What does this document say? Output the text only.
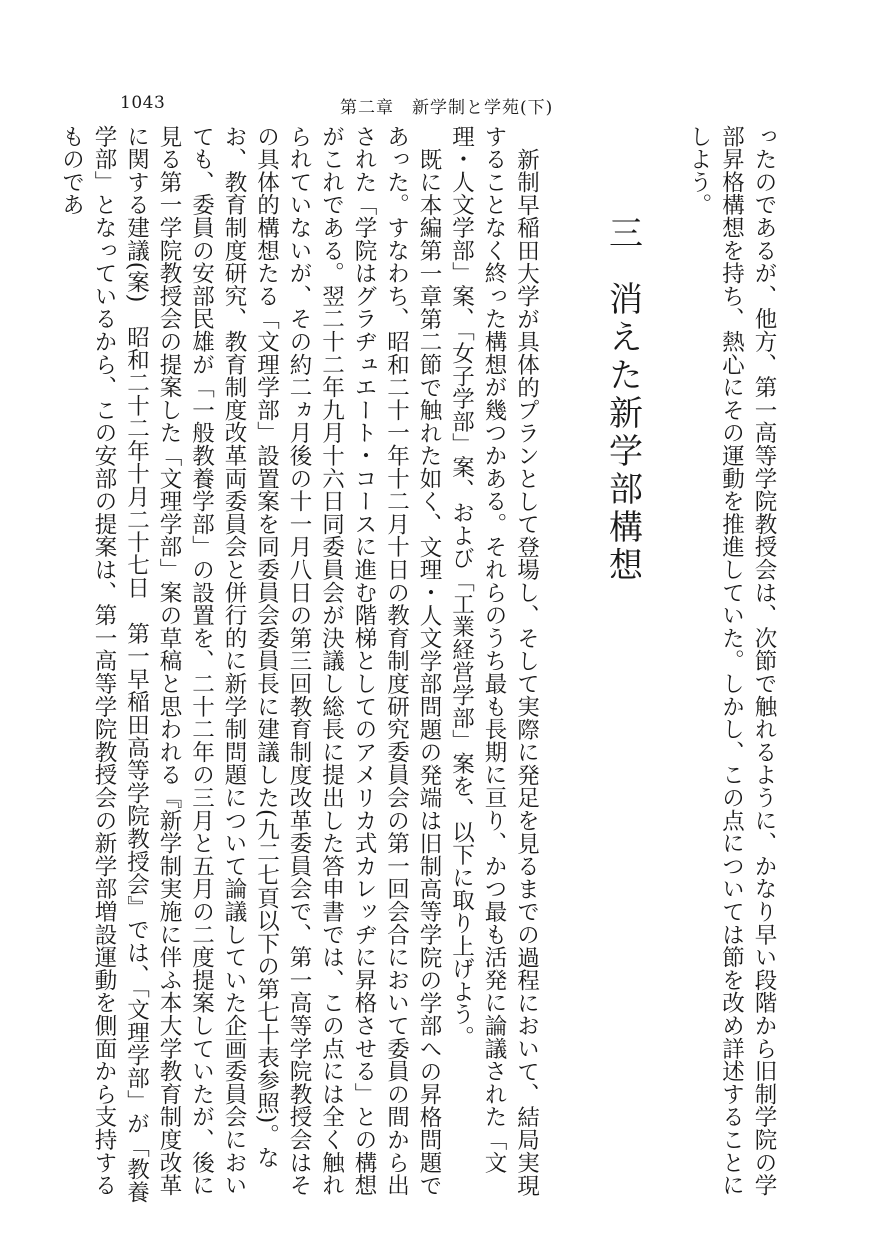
1043	第二章　新学制と学苑(下)

ったのであるが、他方、第一高等学院教授会は、次節で触れるように、かなり早い段階から旧制学院の学部昇格構想を持ち、熱心にその運動を推進していた。しかし、この点については節を改め詳述することにしよう。

三消えた新学部構想

新制早稲田大学が具体的プランとして登場し、そして実際に発足を見るまでの過程において、結局実現することなく終った構想が幾つかある。それらのうち最も長期に亘り、かつ最も活発に論議された「文理・人文学部」案、「女子学部」案、および「工業経営学部」案を、以下に取り上げよう。

既に本編第一章第二節で触れた如く、文理・人文学部問題の発端は旧制高等学院の学部への昇格問題であった。すなわち、昭和二十一年十二月十日の教育制度研究委員会の第一回会合において委員の間から出された「学院はグラヂュエート・コースに進む階梯としてのアメリカ式カレッヂに昇格させる」との構想がこれである。翌二十二年九月十六日同委員会が決議し総長に提出した答申書では、この点には全く触れられていないが、その約二ヵ月後の十一月八日の第三回教育制度改革委員会で、第一高等学院教授会はその具体的構想たる「文理学部」設置案を同委員会委員長に建議した(九二七頁以下の第七十表参照)。なお、教育制度研究、教育制度改革両委員会と併行的に新学制問題について論議していた企画委員会においても、委員の安部民雄が「一般教養学部」の設置を、二十二年の三月と五月の二度提案していたが、後に見る第一学院教授会の提案した「文理学部」案の草稿と思われる『新学制実施に伴ふ本大学教育制度改革に関する建議(案)　昭和二十二年十月二十七日　第一早稲田高等学院教授会』では、「文理学部」が「教養学部」となっているから、この安部の提案は、第一高等学院教授会の新学部増設運動を側面から支持するものであ
